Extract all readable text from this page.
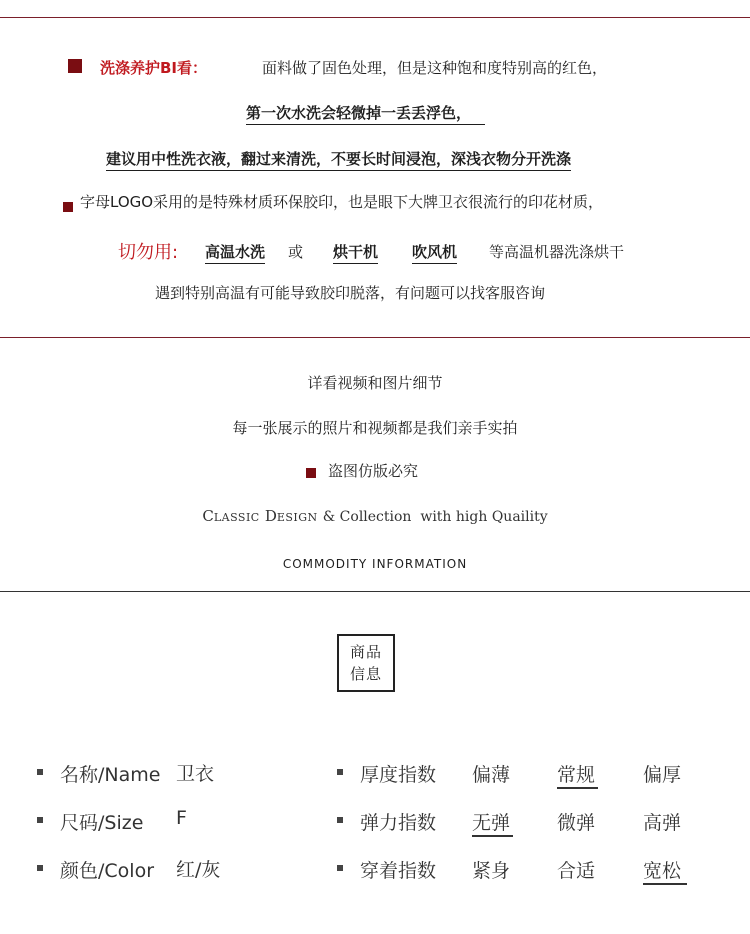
洗涤养护BI看：	面料做了固色处理，但是这种饱和度特别高的红色，
第一次水洗会轻微掉一丢丢浮色，
建议用中性洗衣液，翻过来清洗，不要长时间浸泡，深浅衣物分开洗涤
字母LOGO采用的是特殊材质环保胶印，也是眼下大牌卫衣很流行的印花材质，
切勿用: 高温水洗 或 烘干机 吹风机 等高温机器洗涤烘干
遇到特别高温有可能导致胶印脱落，有问题可以找客服咨询
详看视频和图片细节
每一张展示的照片和视频都是我们亲手实拍
盗图仿版必究
CLASSIC DESIGN & Collection  with high Quaility
COMMODITY INFORMATION
商品
信息
名称/Name 卫衣
尺码/Size F
颜色/Color 红/灰
厚度指数 偏薄 常规	偏厚
弹力指数 无弹 微弹	高弹
穿着指数 紧身 合适	宽松
